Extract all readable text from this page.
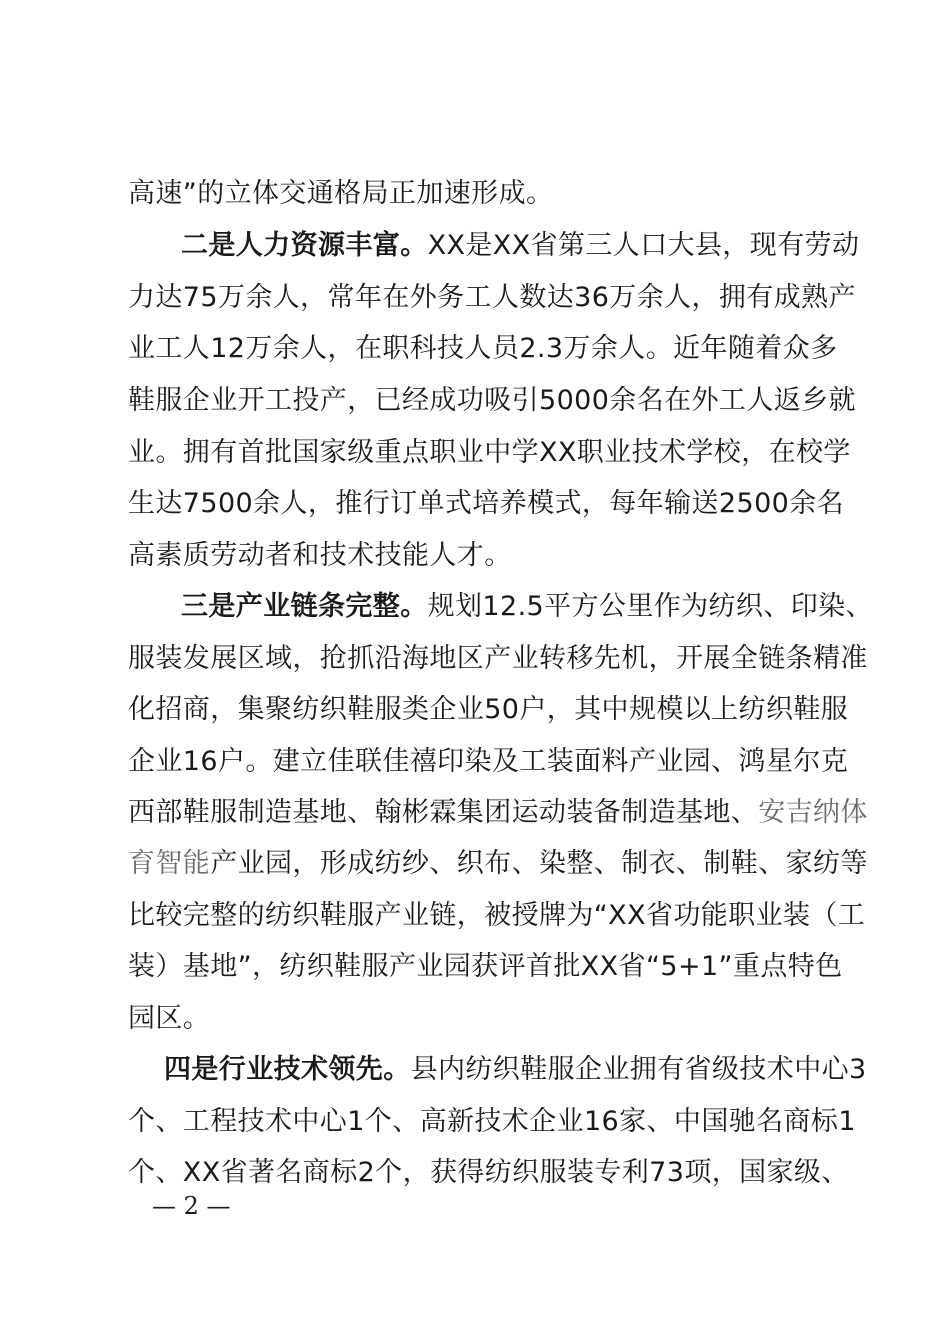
高速”的立体交通格局正加速形成。
二是人力资源丰富。XX是XX省第三人口大县，现有劳动
力达75万余人，常年在外务工人数达36万余人，拥有成熟产
业工人12万余人，在职科技人员2.3万余人。近年随着众多
鞋服企业开工投产，已经成功吸引5000余名在外工人返乡就
业。拥有首批国家级重点职业中学XX职业技术学校，在校学
生达7500余人，推行订单式培养模式，每年输送2500余名
高素质劳动者和技术技能人才。
三是产业链条完整。规划12.5平方公里作为纺织、印染、
服装发展区域，抢抓沿海地区产业转移先机，开展全链条精准
化招商，集聚纺织鞋服类企业50户，其中规模以上纺织鞋服
企业16户。建立佳联佳禧印染及工装面料产业园、鸿星尔克
西部鞋服制造基地、翰彬霖集团运动装备制造基地、安吉纳体
育智能产业园，形成纺纱、织布、染整、制衣、制鞋、家纺等
比较完整的纺织鞋服产业链，被授牌为“XX省功能职业装（工
装）基地”，纺织鞋服产业园获评首批XX省“5+1”重点特色
园区。
四是行业技术领先。县内纺织鞋服企业拥有省级技术中心3
个、工程技术中心1个、高新技术企业16家、中国驰名商标1
个、XX省著名商标2个，获得纺织服装专利73项，国家级、
— 2 —
